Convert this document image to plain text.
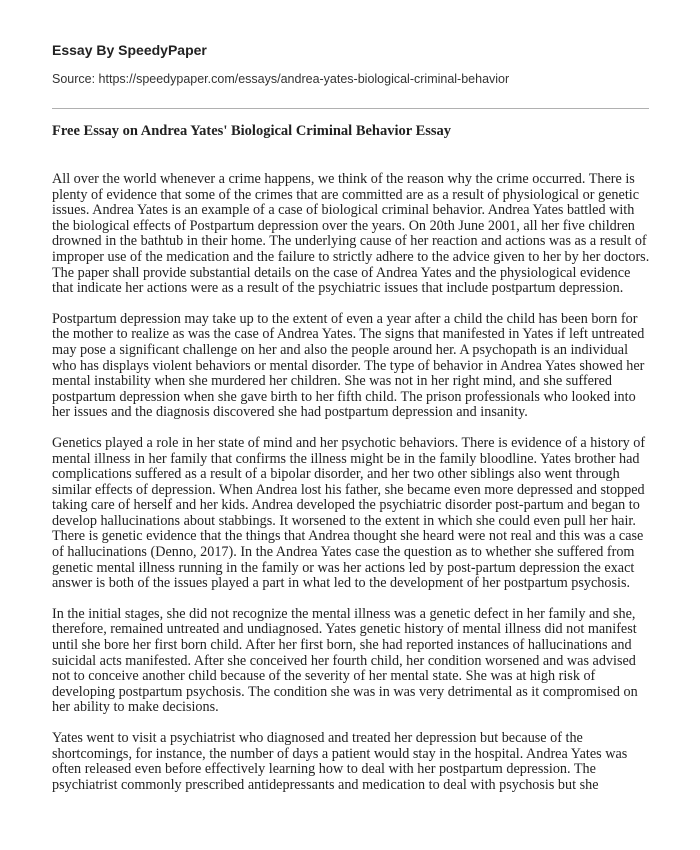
Essay By SpeedyPaper

Source: https://speedypaper.com/essays/andrea-yates-biological-criminal-behavior

Free Essay on Andrea Yates' Biological Criminal Behavior Essay

All over the world whenever a crime happens, we think of the reason why the crime occurred. There is plenty of evidence that some of the crimes that are committed are as a result of physiological or genetic issues. Andrea Yates is an example of a case of biological criminal behavior. Andrea Yates battled with the biological effects of Postpartum depression over the years. On 20th June 2001, all her five children drowned in the bathtub in their home. The underlying cause of her reaction and actions was as a result of improper use of the medication and the failure to strictly adhere to the advice given to her by her doctors. The paper shall provide substantial details on the case of Andrea Yates and the physiological evidence that indicate her actions were as a result of the psychiatric issues that include postpartum depression.

Postpartum depression may take up to the extent of even a year after a child the child has been born for the mother to realize as was the case of Andrea Yates. The signs that manifested in Yates if left untreated may pose a significant challenge on her and also the people around her. A psychopath is an individual who has displays violent behaviors or mental disorder. The type of behavior in Andrea Yates showed her mental instability when she murdered her children. She was not in her right mind, and she suffered postpartum depression when she gave birth to her fifth child. The prison professionals who looked into her issues and the diagnosis discovered she had postpartum depression and insanity.

Genetics played a role in her state of mind and her psychotic behaviors. There is evidence of a history of mental illness in her family that confirms the illness might be in the family bloodline. Yates brother had complications suffered as a result of a bipolar disorder, and her two other siblings also went through similar effects of depression. When Andrea lost his father, she became even more depressed and stopped taking care of herself and her kids. Andrea developed the psychiatric disorder post-partum and began to develop hallucinations about stabbings. It worsened to the extent in which she could even pull her hair. There is genetic evidence that the things that Andrea thought she heard were not real and this was a case of hallucinations (Denno, 2017). In the Andrea Yates case the question as to whether she suffered from genetic mental illness running in the family or was her actions led by post-partum depression the exact answer is both of the issues played a part in what led to the development of her postpartum psychosis.

In the initial stages, she did not recognize the mental illness was a genetic defect in her family and she, therefore, remained untreated and undiagnosed. Yates genetic history of mental illness did not manifest until she bore her first born child. After her first born, she had reported instances of hallucinations and suicidal acts manifested. After she conceived her fourth child, her condition worsened and was advised not to conceive another child because of the severity of her mental state. She was at high risk of developing postpartum psychosis. The condition she was in was very detrimental as it compromised on her ability to make decisions.

Yates went to visit a psychiatrist who diagnosed and treated her depression but because of the shortcomings, for instance, the number of days a patient would stay in the hospital. Andrea Yates was often released even before effectively learning how to deal with her postpartum depression. The psychiatrist commonly prescribed antidepressants and medication to deal with psychosis but she
